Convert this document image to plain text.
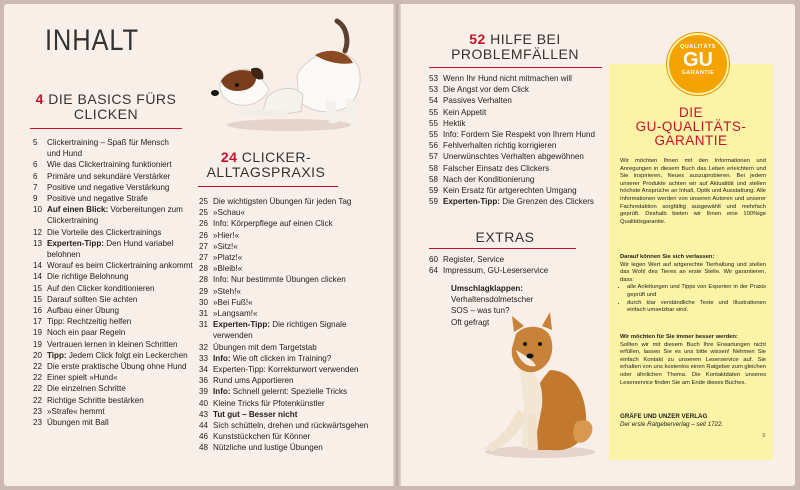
INHALT
4 DIE BASICS FÜRS
CLICKEN
5	Clickertraining – Spaß für Mensch
und Hund
6	Wie das Clickertraining funktioniert
6	Primäre und sekundäre Verstärker
7	Positive und negative Verstärkung
9	Positive und negative Strafe
10 Auf einen Blick: Vorbereitungen zum
Clickertraining
12 Die Vorteile des Clickertrainings
13 Experten-Tipp: Den Hund variabel
belohnen
14 Worauf es beim Clickertraining ankommt
14 Die richtige Belohnung
15 Auf den Clicker konditionieren
15 Darauf sollten Sie achten
16 Aufbau einer Übung
17 Tipp: Rechtzeitig helfen
19 Noch ein paar Regeln
19 Vertrauen lernen in kleinen Schritten
20 Tipp: Jedem Click folgt ein Leckerchen
22 Die erste praktische Übung ohne Hund
22 Einer spielt »Hund«
22 Die einzelnen Schritte
22 Richtige Schritte bestärken
23 »Strafe« hemmt
23 Übungen mit Ball
24 CLICKER-
ALLTAGSPRAXIS
25 Die wichtigsten Übungen für jeden Tag
25 »Schau«
26 Info: Körperpflege auf einen Click
26 »Hier!«
27 »Sitz!«
27 »Platz!«
28 »Bleib!«
28 Info: Nur bestimmte Übungen clicken
29 »Steh!«
30 »Bei Fuß!«
31 »Langsam!«
31 Experten-Tipp: Die richtigen Signale
verwenden
32 Übungen mit dem Targetstab
33 Info: Wie oft clicken im Training?
34 Experten-Tipp: Korrekturwort verwenden
36 Rund ums Apportieren
39 Info: Schnell gelernt: Spezielle Tricks
40 Kleine Tricks für Pfotenkünstler
43 Tut gut – Besser nicht
44 Sich schütteln, drehen und rückwärtsgehen
46 Kunststückchen für Könner
48 Nützliche und lustige Übungen
52 HILFE BEI
PROBLEMFÄLLEN
53 Wenn Ihr Hund nicht mitmachen will
53 Die Angst vor dem Click
54 Passives Verhalten
55 Kein Appetit
55 Hektik
55 Info: Fordern Sie Respekt von Ihrem Hund
56 Fehlverhalten richtig korrigieren
57 Unerwünschtes Verhalten abgewöhnen
58 Falscher Einsatz des Clickers
58 Nach der Konditionierung
59 Kein Ersatz für artgerechten Umgang
59 Experten-Tipp: Die Grenzen des Clickers
EXTRAS
60 Register, Service
64 Impressum, GU-Leserservice
Umschlagklappen:
Verhaltensdolmetscher
SOS – was tun?
Oft gefragt
QUALITÄTS
GU
GARANTIE
DIE
GU-QUALITÄTS-
GARANTIE

Wir möchten Ihnen mit den Informationen und Anregungen in diesem Buch das Leben erleichtern und Sie inspirieren, Neues auszuprobieren. Bei jedem unserer Produkte achten wir auf Aktualität und stellen höchste Ansprüche an Inhalt, Optik und Ausstattung. Alle Informationen werden von unseren Autoren und unserer Fachredaktion sorgfältig ausgewählt und mehrfach geprüft. Deshalb bieten wir Ihnen eine 100%ige Qualitätsgarantie.

Darauf können Sie sich verlassen:
Wir legen Wert auf artgerechte Tierhaltung und stellen das Wohl des Tieres an erste Stelle. Wir garantieren, dass:
• alle Anleitungen und Tipps von Experten in der Praxis geprüft und
• durch klar verständliche Texte und Illustrationen einfach umsetzbar sind.
Wir möchten für Sie immer besser werden:
Sollten wir mit diesem Buch Ihre Erwartungen nicht erfüllen, lassen Sie es uns bitte wissen! Nehmen Sie einfach Kontakt zu unserem Leserservice auf. Sie erhalten von uns kostenlos einen Ratgeber zum gleichen oder ähnlichen Thema. Die Kontaktdaten unseres Leserservice finden Sie am Ende dieses Buches.
GRÄFE UND UNZER VERLAG
Der erste Ratgeberverlag – seit 1722.
≡
